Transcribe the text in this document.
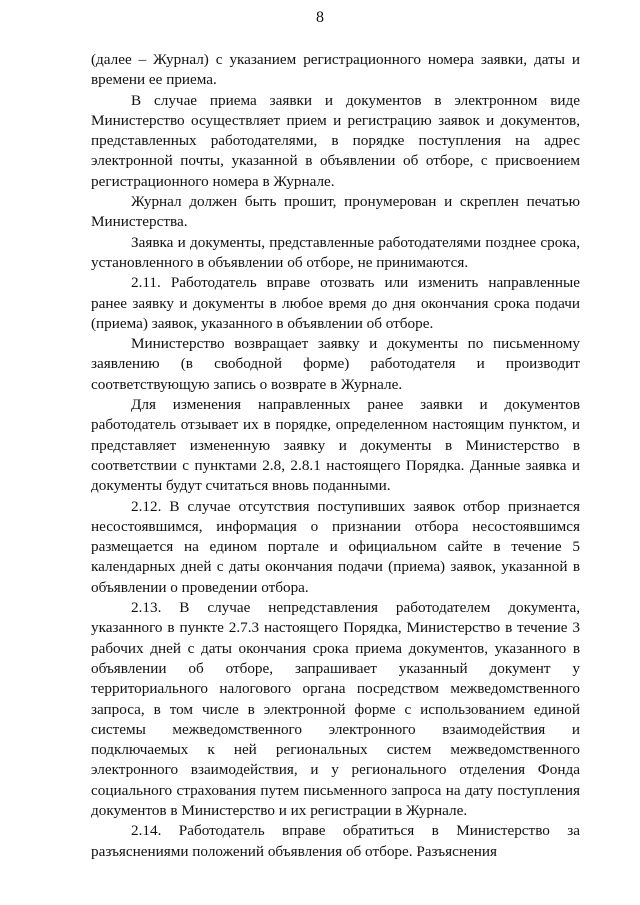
8

(далее – Журнал) с указанием регистрационного номера заявки, даты и времени ее приема.

В случае приема заявки и документов в электронном виде Министерство осуществляет прием и регистрацию заявок и документов, представленных работодателями, в порядке поступления на адрес электронной почты, указанной в объявлении об отборе, с присвоением регистрационного номера в Журнале.

Журнал должен быть прошит, пронумерован и скреплен печатью Министерства.

Заявка и документы, представленные работодателями позднее срока, установленного в объявлении об отборе, не принимаются.

2.11. Работодатель вправе отозвать или изменить направленные ранее заявку и документы в любое время до дня окончания срока подачи (приема) заявок, указанного в объявлении об отборе.

Министерство возвращает заявку и документы по письменному заявлению (в свободной форме) работодателя и производит соответствующую запись о возврате в Журнале.

Для изменения направленных ранее заявки и документов работодатель отзывает их в порядке, определенном настоящим пунктом, и представляет измененную заявку и документы в Министерство в соответствии с пунктами 2.8, 2.8.1 настоящего Порядка. Данные заявка и документы будут считаться вновь поданными.

2.12. В случае отсутствия поступивших заявок отбор признается несостоявшимся, информация о признании отбора несостоявшимся размещается на едином портале и официальном сайте в течение 5 календарных дней с даты окончания подачи (приема) заявок, указанной в объявлении о проведении отбора.

2.13. В случае непредставления работодателем документа, указанного в пункте 2.7.3 настоящего Порядка, Министерство в течение 3 рабочих дней с даты окончания срока приема документов, указанного в объявлении об отборе, запрашивает указанный документ у территориального налогового органа посредством межведомственного запроса, в том числе в электронной форме с использованием единой системы межведомственного электронного взаимодействия и подключаемых к ней региональных систем межведомственного электронного взаимодействия, и у регионального отделения Фонда социального страхования путем письменного запроса на дату поступления документов в Министерство и их регистрации в Журнале.

2.14. Работодатель вправе обратиться в Министерство за разъяснениями положений объявления об отборе. Разъяснения
